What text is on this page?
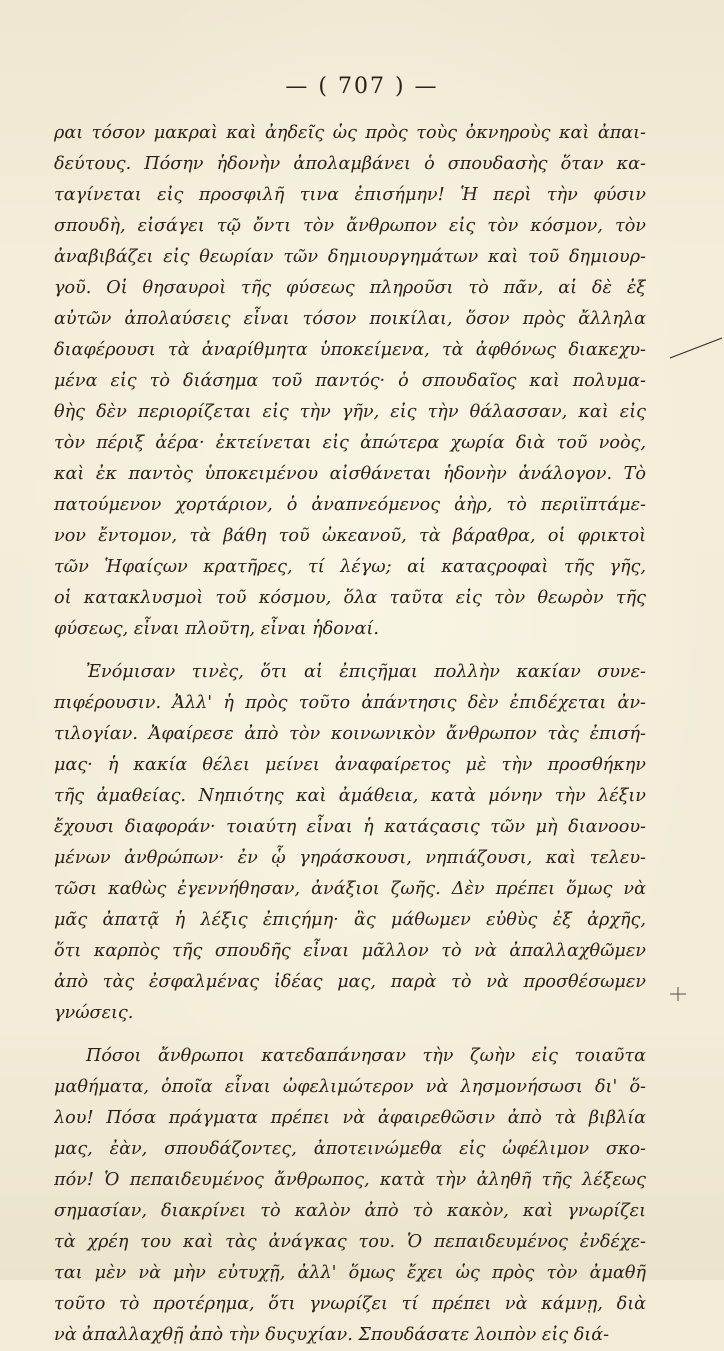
— ( 707 ) —
ραι τόσον μακραὶ καὶ ἀηδεῖς ὡς πρὸς τοὺς ὀκνηροὺς καὶ ἀπαι-
δεύτους. Πόσην ἡδονὴν ἀπολαμβάνει ὁ σπουδασὴς ὅταν κα-
ταγίνεται εἰς προσφιλῆ τινα ἐπισήμην! Ἡ περὶ τὴν φύσιν
σπουδὴ, εἰσάγει τῷ ὄντι τὸν ἄνθρωπον εἰς τὸν κόσμον, τὸν
ἀναβιβάζει εἰς θεωρίαν τῶν δημιουργημάτων καὶ τοῦ δημιουρ-
γοῦ. Οἱ θησαυροὶ τῆς φύσεως πληροῦσι τὸ πᾶν, αἱ δὲ ἐξ
αὐτῶν ἀπολαύσεις εἶναι τόσον ποικίλαι, ὅσον πρὸς ἄλληλα
διαφέρουσι τὰ ἀναρίθμητα ὑποκείμενα, τὰ ἀφθόνως διακεχυ-
μένα εἰς τὸ διάσημα τοῦ παντός· ὁ σπουδαῖος καὶ πολυμα-
θὴς δὲν περιορίζεται εἰς τὴν γῆν, εἰς τὴν θάλασσαν, καὶ εἰς
τὸν πέριξ ἀέρα· ἐκτείνεται εἰς ἀπώτερα χωρία διὰ τοῦ νοὸς,
καὶ ἐκ παντὸς ὑποκειμένου αἰσθάνεται ἡδονὴν ἀνάλογον. Τὸ
πατούμενον χορτάριον, ὁ ἀναπνεόμενος ἀὴρ, τὸ περιϊπτάμε-
νον ἔντομον, τὰ βάθη τοῦ ὠκεανοῦ, τὰ βάραθρα, οἱ φρικτοὶ
τῶν Ἡφαίςων κρατῆρες, τί λέγω; αἱ καταςροφαὶ τῆς γῆς,
οἱ κατακλυσμοὶ τοῦ κόσμου, ὅλα ταῦτα εἰς τὸν θεωρὸν τῆς
φύσεως, εἶναι πλοῦτη, εἶναι ἡδοναί.
Ἐνόμισαν τινὲς, ὅτι αἱ ἐπιςῆμαι πολλὴν κακίαν συνε-
πιφέρουσιν. Ἀλλ' ἡ πρὸς τοῦτο ἀπάντησις δὲν ἐπιδέχεται ἀν-
τιλογίαν. Ἀφαίρεσε ἀπὸ τὸν κοινωνικὸν ἄνθρωπον τὰς ἐπισή-
μας· ἡ κακία θέλει μείνει ἀναφαίρετος μὲ τὴν προσθήκην
τῆς ἀμαθείας. Νηπιότης καὶ ἀμάθεια, κατὰ μόνην τὴν λέξιν
ἔχουσι διαφοράν· τοιαύτη εἶναι ἡ κατάςασις τῶν μὴ διανοου-
μένων ἀνθρώπων· ἐν ᾧ γηράσκουσι, νηπιάζουσι, καὶ τελευ-
τῶσι καθὼς ἐγεννήθησαν, ἀνάξιοι ζωῆς. Δὲν πρέπει ὅμως νὰ
μᾶς ἀπατᾷ ἡ λέξις ἐπιςήμη· ἂς μάθωμεν εὐθὺς ἐξ ἀρχῆς,
ὅτι καρπὸς τῆς σπουδῆς εἶναι μᾶλλον τὸ νὰ ἀπαλλαχθῶμεν
ἀπὸ τὰς ἐσφαλμένας ἰδέας μας, παρὰ τὸ νὰ προσθέσωμεν
γνώσεις.
Πόσοι ἄνθρωποι κατεδαπάνησαν τὴν ζωὴν εἰς τοιαῦτα
μαθήματα, ὁποῖα εἶναι ὠφελιμώτερον νὰ λησμονήσωσι δι' ὅ-
λου! Πόσα πράγματα πρέπει νὰ ἀφαιρεθῶσιν ἀπὸ τὰ βιβλία
μας, ἐὰν, σπουδάζοντες, ἀποτεινώμεθα εἰς ὠφέλιμον σκο-
πόν! Ὁ πεπαιδευμένος ἄνθρωπος, κατὰ τὴν ἀληθῆ τῆς λέξεως
σημασίαν, διακρίνει τὸ καλὸν ἀπὸ τὸ κακὸν, καὶ γνωρίζει
τὰ χρέη του καὶ τὰς ἀνάγκας του. Ὁ πεπαιδευμένος ἐνδέχε-
ται μὲν νὰ μὴν εὐτυχῇ, ἀλλ' ὅμως ἔχει ὡς πρὸς τὸν ἀμαθῆ
τοῦτο τὸ προτέρημα, ὅτι γνωρίζει τί πρέπει νὰ κάμνῃ, διὰ
νὰ ἀπαλλαχθῇ ἀπὸ τὴν δυςυχίαν. Σπουδάσατε λοιπὸν εἰς διά-
